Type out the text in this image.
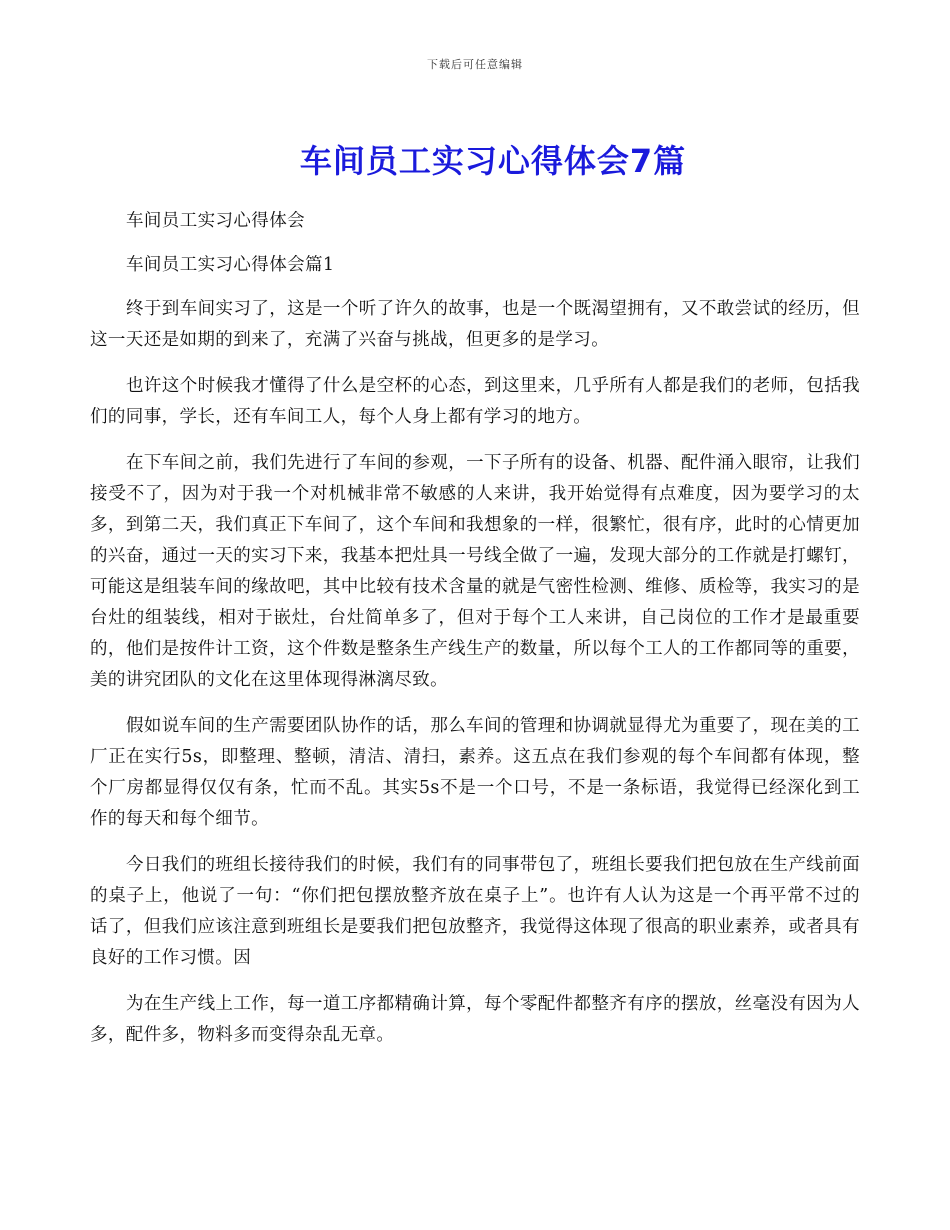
下载后可任意编辑
车间员工实习心得体会7篇

车间员工实习心得体会

车间员工实习心得体会篇1

终于到车间实习了，这是一个听了许久的故事，也是一个既渴望拥有，又不敢尝试的经历，但这一天还是如期的到来了，充满了兴奋与挑战，但更多的是学习。

也许这个时候我才懂得了什么是空杯的心态，到这里来，几乎所有人都是我们的老师，包括我们的同事，学长，还有车间工人，每个人身上都有学习的地方。

在下车间之前，我们先进行了车间的参观，一下子所有的设备、机器、配件涌入眼帘，让我们接受不了，因为对于我一个对机械非常不敏感的人来讲，我开始觉得有点难度，因为要学习的太多，到第二天，我们真正下车间了，这个车间和我想象的一样，很繁忙，很有序，此时的心情更加的兴奋，通过一天的实习下来，我基本把灶具一号线全做了一遍，发现大部分的工作就是打螺钉，可能这是组装车间的缘故吧，其中比较有技术含量的就是气密性检测、维修、质检等，我实习的是台灶的组装线，相对于嵌灶，台灶简单多了，但对于每个工人来讲，自己岗位的工作才是最重要的，他们是按件计工资，这个件数是整条生产线生产的数量，所以每个工人的工作都同等的重要，美的讲究团队的文化在这里体现得淋漓尽致。

假如说车间的生产需要团队协作的话，那么车间的管理和协调就显得尤为重要了，现在美的工厂正在实行5s，即整理、整顿，清洁、清扫，素养。这五点在我们参观的每个车间都有体现，整个厂房都显得仅仅有条，忙而不乱。其实5s不是一个口号，不是一条标语，我觉得已经深化到工作的每天和每个细节。

今日我们的班组长接待我们的时候，我们有的同事带包了，班组长要我们把包放在生产线前面的桌子上，他说了一句：“你们把包摆放整齐放在桌子上”。也许有人认为这是一个再平常不过的话了，但我们应该注意到班组长是要我们把包放整齐，我觉得这体现了很高的职业素养，或者具有良好的工作习惯。因

为在生产线上工作，每一道工序都精确计算，每个零配件都整齐有序的摆放，丝毫没有因为人多，配件多，物料多而变得杂乱无章。
